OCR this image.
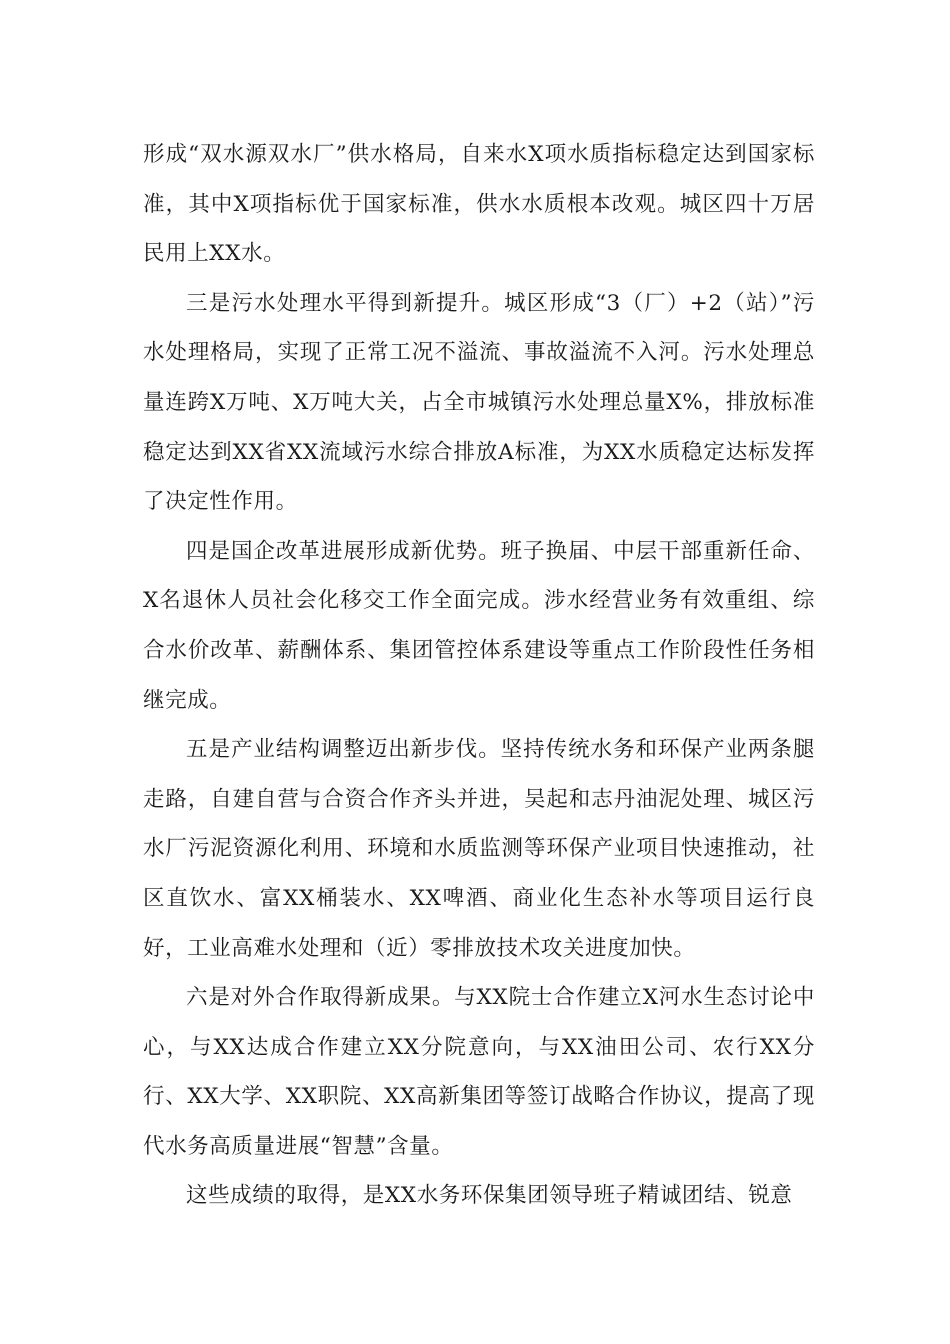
形成“双水源双水厂”供水格局，自来水X项水质指标稳定达到国家标准，其中X项指标优于国家标准，供水水质根本改观。城区四十万居民用上XX水。

三是污水处理水平得到新提升。城区形成“3（厂）+2（站）”污水处理格局，实现了正常工况不溢流、事故溢流不入河。污水处理总量连跨X万吨、X万吨大关，占全市城镇污水处理总量X%，排放标准稳定达到XX省XX流域污水综合排放A标准，为XX水质稳定达标发挥了决定性作用。

四是国企改革进展形成新优势。班子换届、中层干部重新任命、X名退休人员社会化移交工作全面完成。涉水经营业务有效重组、综合水价改革、薪酬体系、集团管控体系建设等重点工作阶段性任务相继完成。

五是产业结构调整迈出新步伐。坚持传统水务和环保产业两条腿走路，自建自营与合资合作齐头并进，吴起和志丹油泥处理、城区污水厂污泥资源化利用、环境和水质监测等环保产业项目快速推动，社区直饮水、富XX桶装水、XX啤酒、商业化生态补水等项目运行良好，工业高难水处理和（近）零排放技术攻关进度加快。

六是对外合作取得新成果。与XX院士合作建立X河水生态讨论中心，与XX达成合作建立XX分院意向，与XX油田公司、农行XX分行、XX大学、XX职院、XX高新集团等签订战略合作协议，提高了现代水务高质量进展“智慧”含量。

这些成绩的取得，是XX水务环保集团领导班子精诚团结、锐意
